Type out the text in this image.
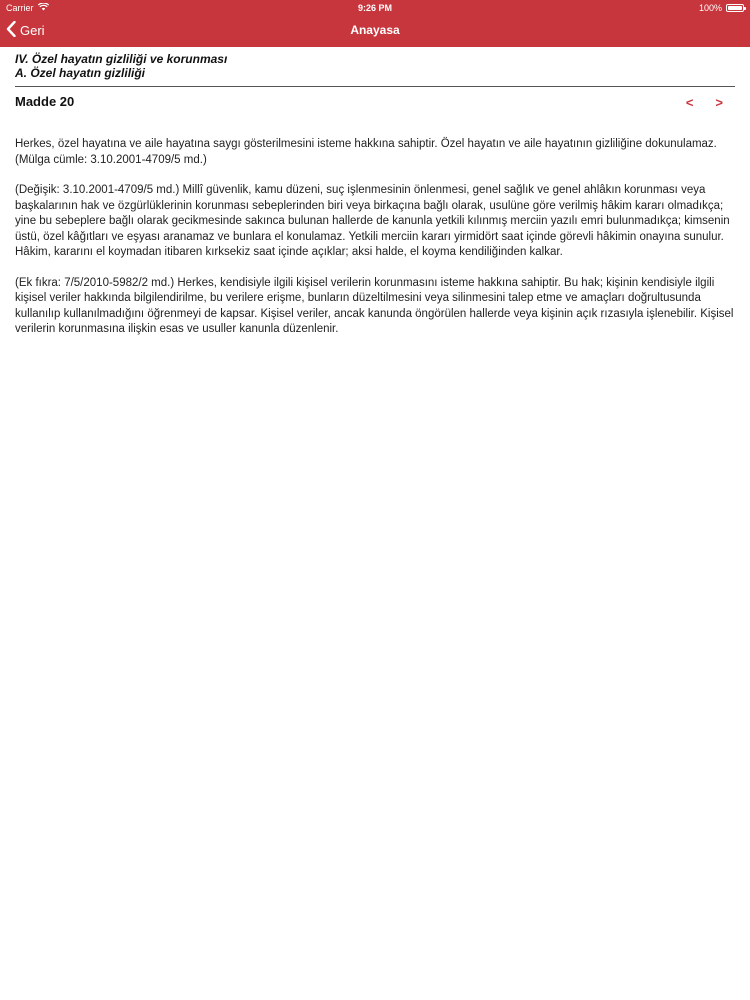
Carrier	9:26 PM	100%
Geri	Anayasa
IV. Özel hayatın gizliliği ve korunması
A. Özel hayatın gizliliği
Madde 20	< >

Herkes, özel hayatına ve aile hayatına saygı gösterilmesini isteme hakkına sahiptir. Özel hayatın ve aile hayatının gizliliğine dokunulamaz. (Mülga cümle: 3.10.2001-4709/5 md.)

(Değişik: 3.10.2001-4709/5 md.) Millî güvenlik, kamu düzeni, suç işlenmesinin önlenmesi, genel sağlık ve genel ahlâkın korunması veya başkalarının hak ve özgürlüklerinin korunması sebeplerinden biri veya birkaçına bağlı olarak, usulüne göre verilmiş hâkim kararı olmadıkça; yine bu sebeplere bağlı olarak gecikmesinde sakınca bulunan hallerde de kanunla yetkili kılınmış merciin yazılı emri bulunmadıkça; kimsenin üstü, özel kâğıtları ve eşyası aranamaz ve bunlara el konulamaz. Yetkili merciin kararı yirmidört saat içinde görevli hâkimin onayına sunulur. Hâkim, kararını el koymadan itibaren kırksekiz saat içinde açıklar; aksi halde, el koyma kendiliğinden kalkar.

(Ek fıkra: 7/5/2010-5982/2 md.) Herkes, kendisiyle ilgili kişisel verilerin korunmasını isteme hakkına sahiptir. Bu hak; kişinin kendisiyle ilgili kişisel veriler hakkında bilgilendirilme, bu verilere erişme, bunların düzeltilmesini veya silinmesini talep etme ve amaçları doğrultusunda kullanılıp kullanılmadığını öğrenmeyi de kapsar. Kişisel veriler, ancak kanunda öngörülen hallerde veya kişinin açık rızasıyla işlenebilir. Kişisel verilerin korunmasına ilişkin esas ve usuller kanunla düzenlenir.
